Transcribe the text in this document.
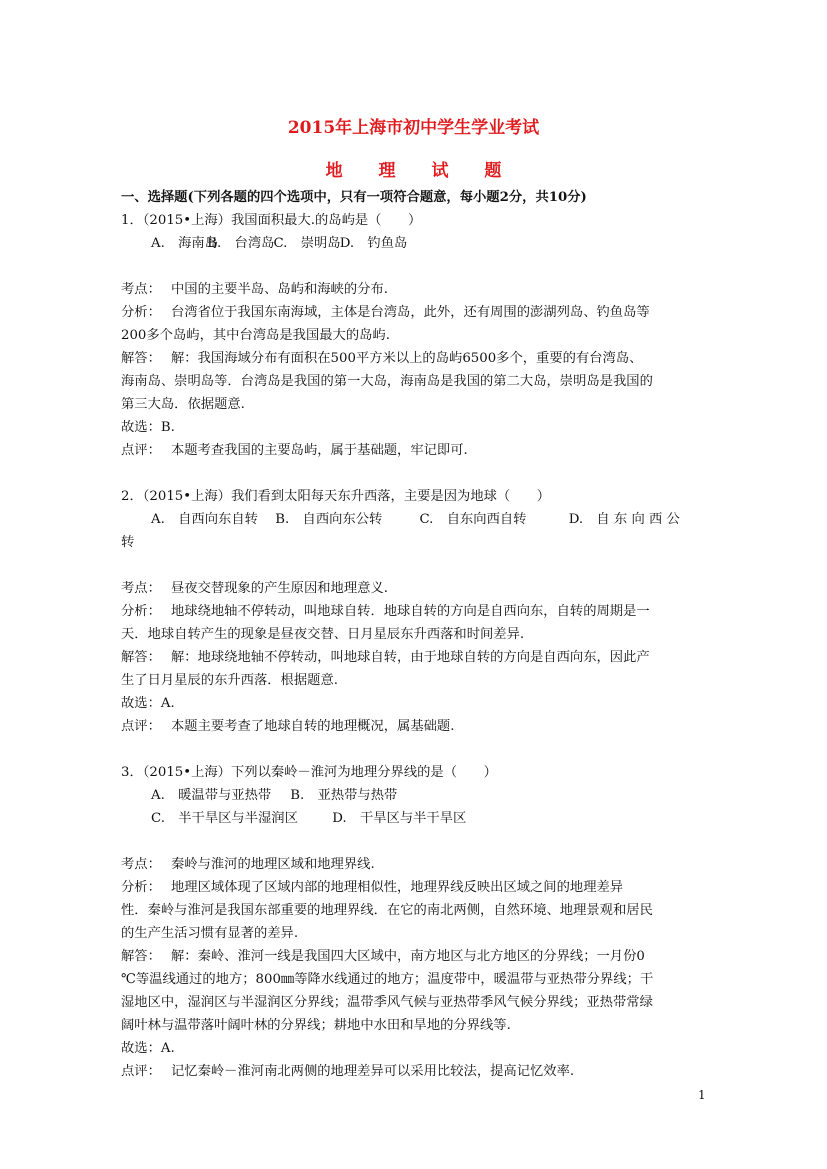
2015年上海市初中学生学业考试
地 理 试 题
一、选择题(下列各题的四个选项中，只有一项符合题意，每小题2分，共10分)
1．（2015•上海）我国面积最大.的岛屿是（　　）
A.　海南岛 B.　台湾岛 C.　崇明岛 D.　钓鱼岛
考点： 中国的主要半岛、岛屿和海峡的分布.
分析： 台湾省位于我国东南海域，主体是台湾岛，此外，还有周围的澎湖列岛、钓鱼岛等
200多个岛屿，其中台湾岛是我国最大的岛屿.
解答： 解：我国海域分布有面积在500平方米以上的岛屿6500多个，重要的有台湾岛、
海南岛、崇明岛等．台湾岛是我国的第一大岛，海南岛是我国的第二大岛，崇明岛是我国的
第三大岛．依据题意.
故选：B.
点评： 本题考查我国的主要岛屿，属于基础题，牢记即可.
2．（2015•上海）我们看到太阳每天东升西落，主要是因为地球（　　）
A.　自西向东自转 B.　自西向东公转	C.　自东向西自转	D.　自 东 向 西 公
转
考点： 昼夜交替现象的产生原因和地理意义.
分析： 地球绕地轴不停转动，叫地球自转．地球自转的方向是自西向东，自转的周期是一
天．地球自转产生的现象是昼夜交替、日月星辰东升西落和时间差异.
解答： 解：地球绕地轴不停转动，叫地球自转，由于地球自转的方向是自西向东，因此产
生了日月星辰的东升西落．根据题意.
故选：A.
点评： 本题主要考查了地球自转的地理概况，属基础题.
3．（2015•上海）下列以秦岭－淮河为地理分界线的是（　　）
A.　暖温带与亚热带 B.　亚热带与热带
C.　半干旱区与半湿润区	D.　干旱区与半干旱区
考点： 秦岭与淮河的地理区域和地理界线.
分析： 地理区域体现了区域内部的地理相似性，地理界线反映出区域之间的地理差异
性．秦岭与淮河是我国东部重要的地理界线．在它的南北两侧，自然环境、地理景观和居民
的生产生活习惯有显著的差异.
解答： 解：秦岭、淮河一线是我国四大区域中，南方地区与北方地区的分界线；一月份0
℃等温线通过的地方；800㎜等降水线通过的地方；温度带中，暖温带与亚热带分界线；干
湿地区中，湿润区与半湿润区分界线；温带季风气候与亚热带季风气候分界线；亚热带常绿
阔叶林与温带落叶阔叶林的分界线；耕地中水田和旱地的分界线等.
故选：A.
点评： 记忆秦岭－淮河南北两侧的地理差异可以采用比较法，提高记忆效率.
1
